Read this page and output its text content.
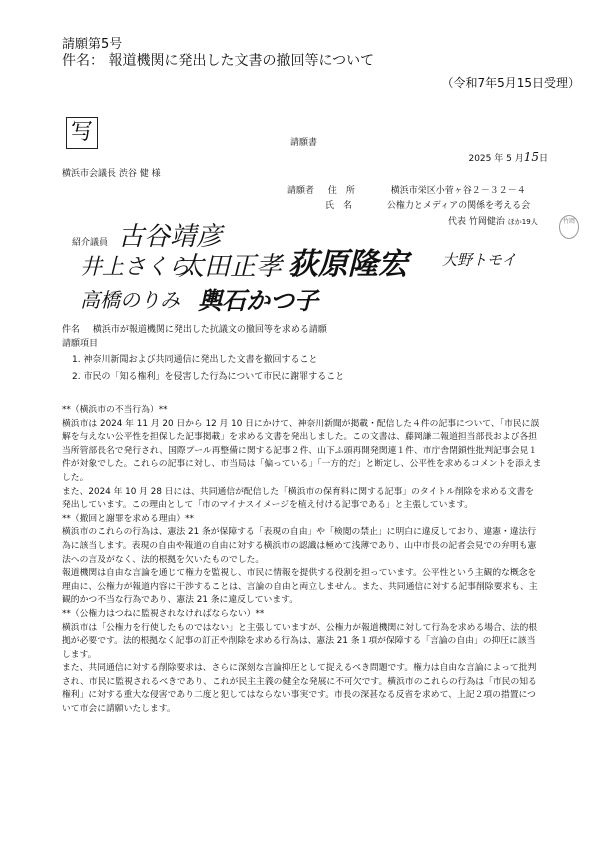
請願第5号
件名： 報道機関に発出した文書の撤回等について
（令和7年5月15日受理）
写	請願書
2025 年 5 月15日
横浜市会議長 渋谷 健 様
請願者 住　所	横浜市栄区小菅ヶ谷２－３２－４
氏　名	公権力とメディアの関係を考える会
代表 竹岡健治 ほか19人	竹岡
紹介議員 古谷靖彦
井上さくら
太田正孝 荻原隆宏 大野トモイ
高橋のりみ 輿石かつ子
件名 横浜市が報道機関に発出した抗議文の撤回等を求める請願
請願項目
1. 神奈川新聞および共同通信に発出した文書を撤回すること
2. 市民の「知る権利」を侵害した行為について市民に謝罪すること

**（横浜市の不当行為）**

横浜市は 2024 年 11 月 20 日から 12 月 10 日にかけて、神奈川新聞が掲載・配信した４件の記事について、「市民に誤解を与えない公平性を担保した記事掲載」を求める文書を発出しました。この文書は、藤岡謙二報道担当部長および各担当所管部長名で発行され、国際プール再整備に関する記事２件、山下ふ頭再開発関連１件、市庁舎閉鎖性批判記事会見１件が対象でした。これらの記事に対し、市当局は「偏っている」「一方的だ」と断定し、公平性を求めるコメントを添えました。

また、2024 年 10 月 28 日には、共同通信が配信した「横浜市の保育料に関する記事」のタイトル削除を求める文書を発出しています。この理由として「市のマイナスイメージを植え付ける記事である」と主張しています。

**（撤回と謝罪を求める理由）**

横浜市のこれらの行為は、憲法 21 条が保障する「表現の自由」や「検閲の禁止」に明白に違反しており、違憲・違法行為に該当します。表現の自由や報道の自由に対する横浜市の認識は極めて浅薄であり、山中市長の記者会見での弁明も憲法への言及がなく、法的根拠を欠いたものでした。

報道機関は自由な言論を通じて権力を監視し、市民に情報を提供する役割を担っています。公平性という主観的な概念を理由に、公権力が報道内容に干渉することは、言論の自由と両立しません。また、共同通信に対する記事削除要求も、主観的かつ不当な行為であり、憲法 21 条に違反しています。

**（公権力はつねに監視されなければならない）**

横浜市は「公権力を行使したものではない」と主張していますが、公権力が報道機関に対して行為を求める場合、法的根拠が必要です。法的根拠なく記事の訂正や削除を求める行為は、憲法 21 条１項が保障する「言論の自由」の抑圧に該当します。

また、共同通信に対する削除要求は、さらに深刻な言論抑圧として捉えるべき問題です。権力は自由な言論によって批判され、市民に監視されるべきであり、これが民主主義の健全な発展に不可欠です。横浜市のこれらの行為は「市民の知る権利」に対する重大な侵害であり二度と犯してはならない事実です。市長の深甚なる反省を求めて、上記２項の措置について市会に請願いたします。
